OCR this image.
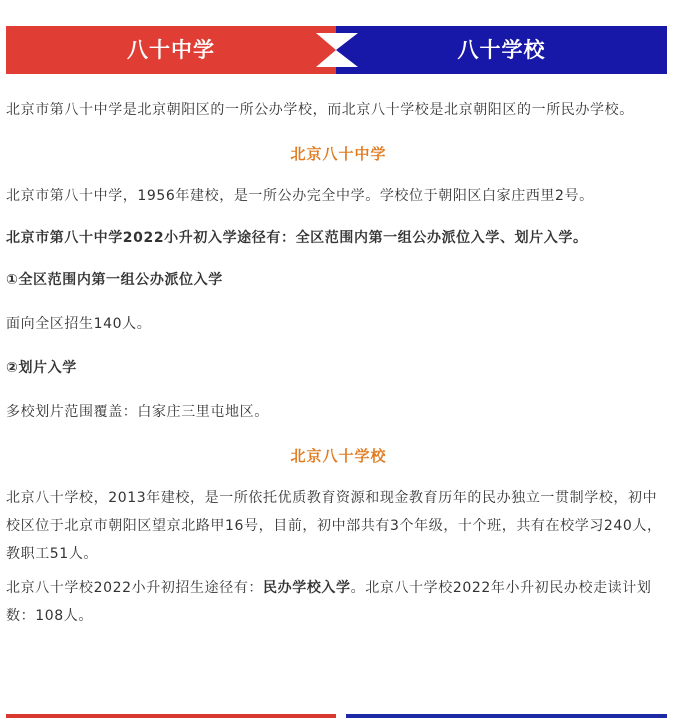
八十中学	八十学校

北京市第八十中学是北京朝阳区的一所公办学校，而北京八十学校是北京朝阳区的一所民办学校。

北京八十中学

北京市第八十中学，1956年建校，是一所公办完全中学。学校位于朝阳区白家庄西里2号。

北京市第八十中学2022小升初入学途径有：全区范围内第一组公办派位入学、划片入学。

①全区范围内第一组公办派位入学

面向全区招生140人。

②划片入学

多校划片范围覆盖：白家庄三里屯地区。

北京八十学校

北京八十学校，2013年建校，是一所依托优质教育资源和现金教育历年的民办独立一贯制学校，初中校区位于北京市朝阳区望京北路甲16号，目前，初中部共有3个年级，十个班，共有在校学习240人，教职工51人。

北京八十学校2022小升初招生途径有：民办学校入学。北京八十学校2022年小升初民办校走读计划数：108人。
